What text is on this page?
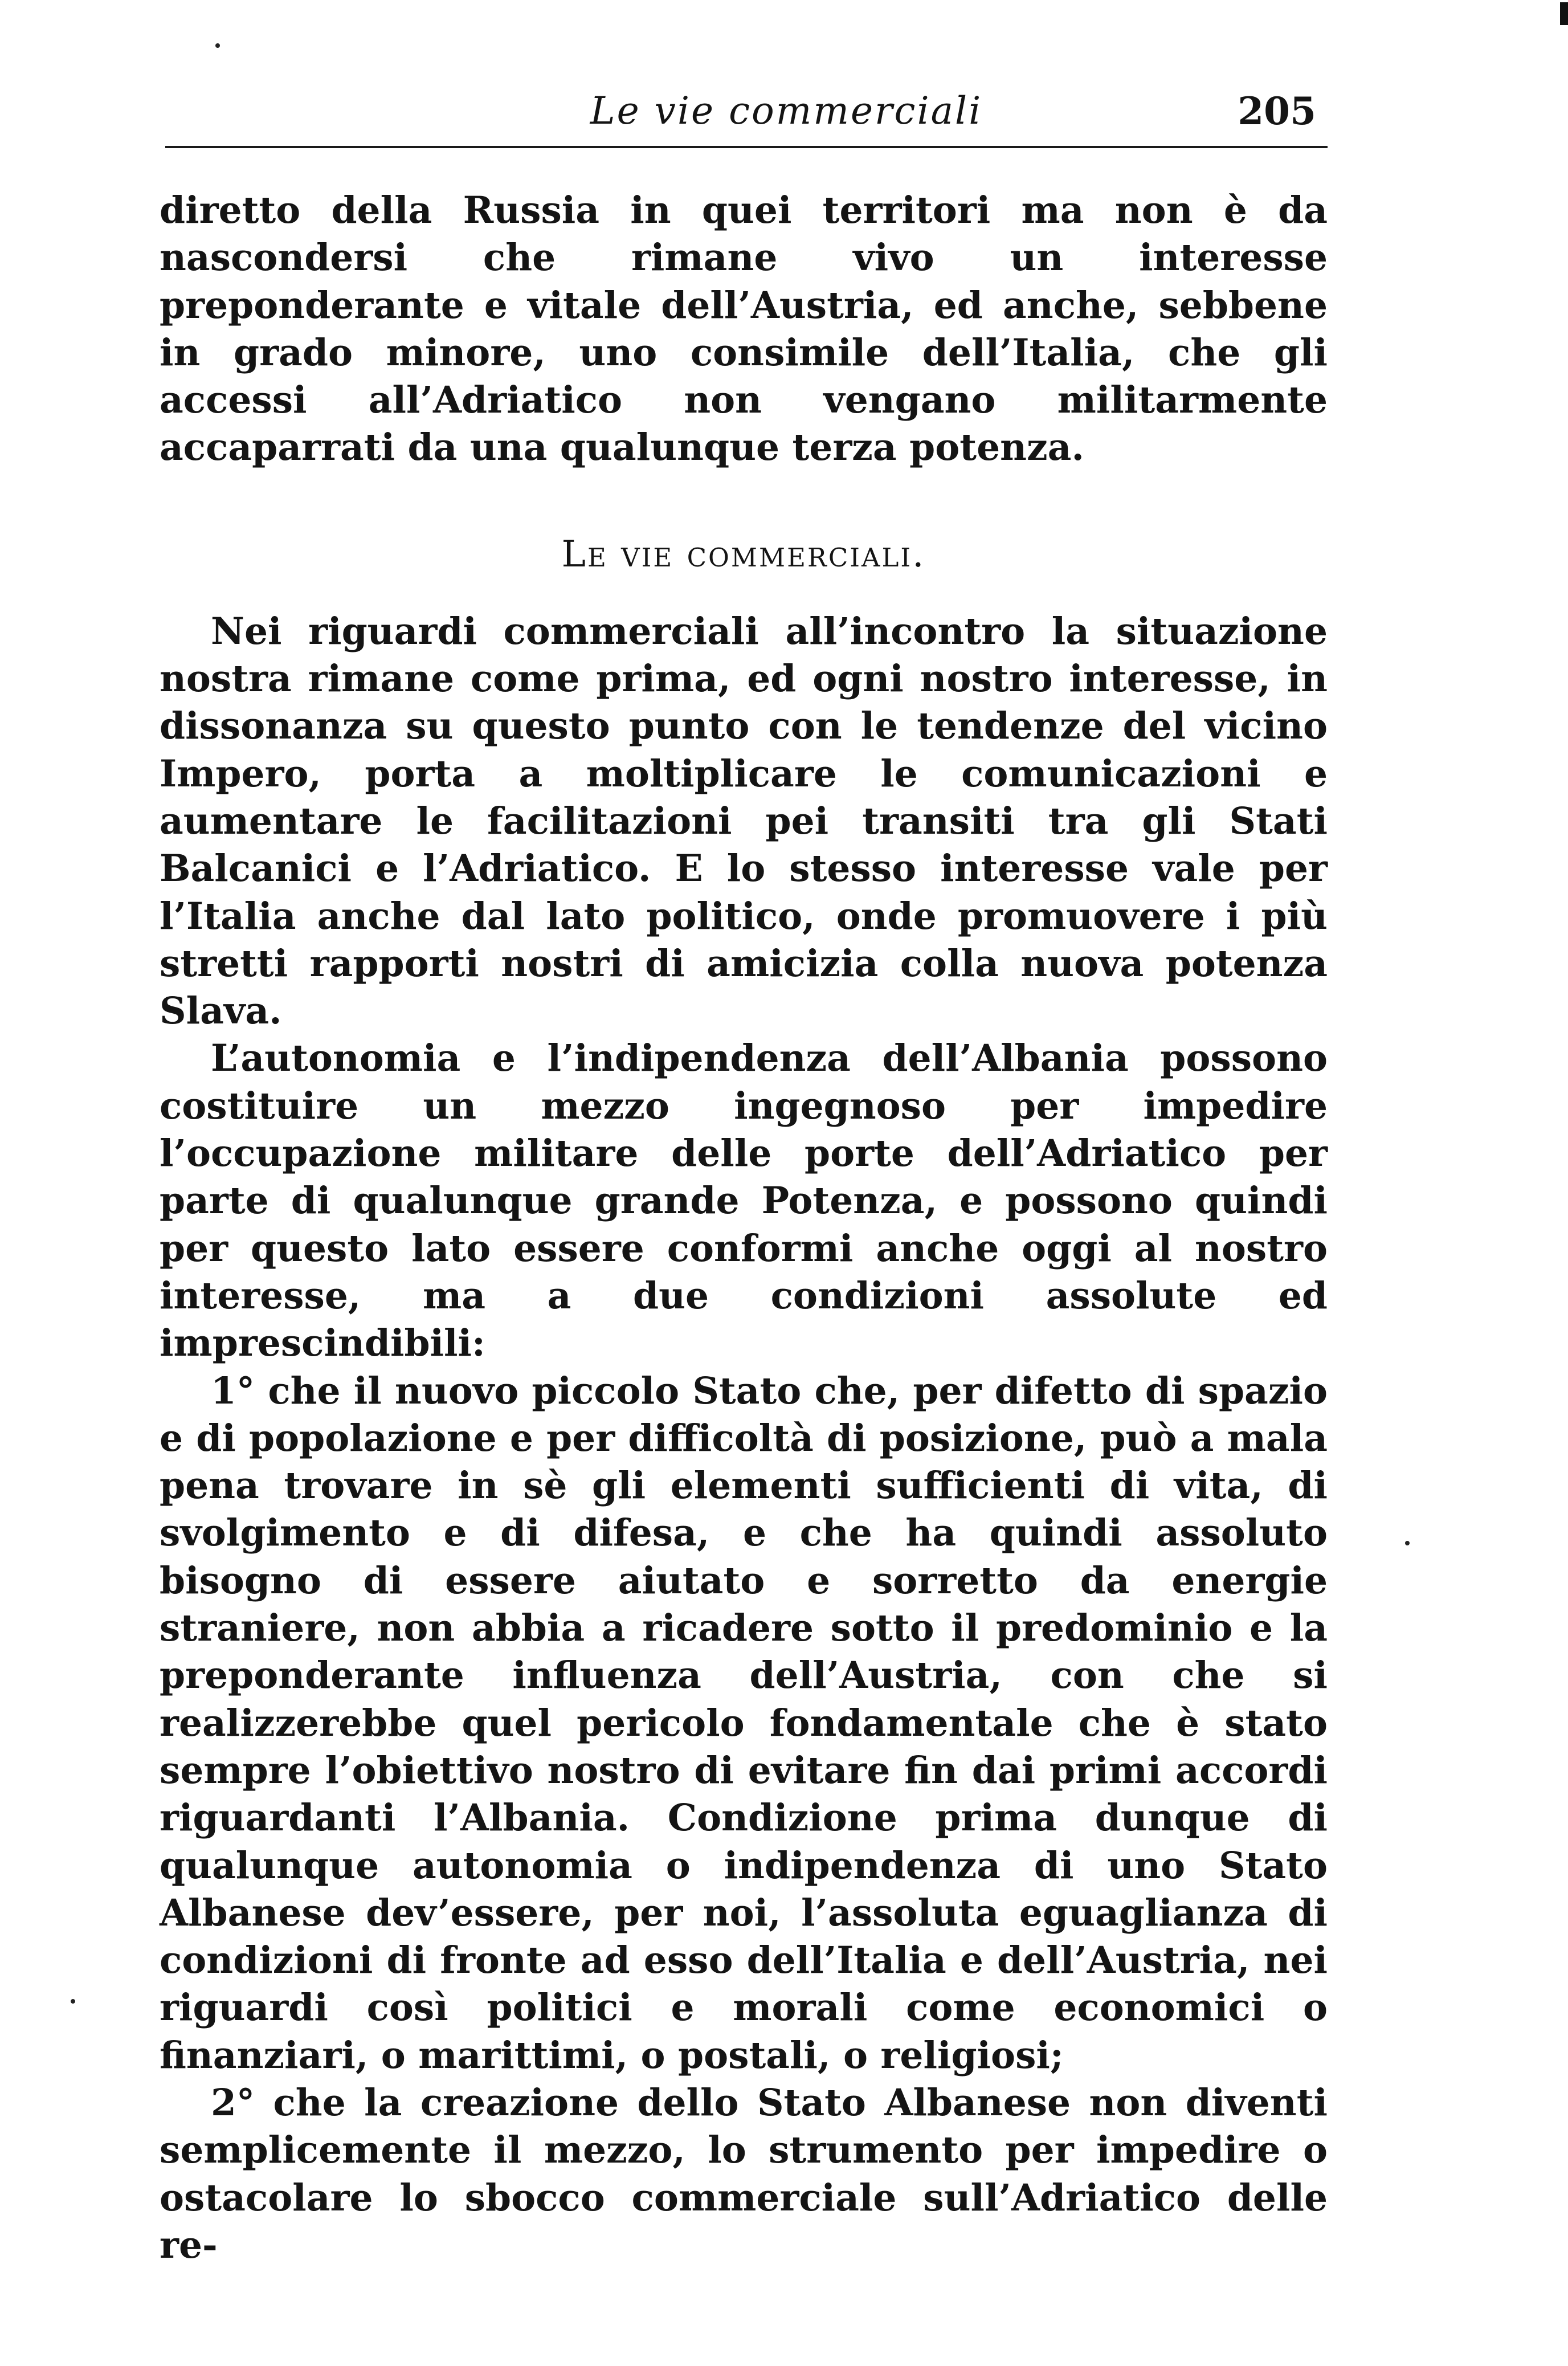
Le vie commerciali	205

diretto della Russia in quei territori ma non è da nascondersi che rimane vivo un interesse preponderante e vitale dell’Austria, ed anche, sebbene in grado minore, uno consimile dell’Italia, che gli accessi all’Adriatico non vengano militarmente accaparrati da una qualunque terza potenza.

Le vie commerciali.

Nei riguardi commerciali all’incontro la situazione nostra rimane come prima, ed ogni nostro interesse, in dissonanza su questo punto con le tendenze del vicino Impero, porta a moltiplicare le comunicazioni e aumentare le facilitazioni pei transiti tra gli Stati Balcanici e l’Adriatico. E lo stesso interesse vale per l’Italia anche dal lato politico, onde promuovere i più stretti rapporti nostri di amicizia colla nuova potenza Slava.

L’autonomia e l’indipendenza dell’Albania possono costituire un mezzo ingegnoso per impedire l’occupazione militare delle porte dell’Adriatico per parte di qualunque grande Potenza, e possono quindi per questo lato essere conformi anche oggi al nostro interesse, ma a due condizioni assolute ed imprescindibili:

1° che il nuovo piccolo Stato che, per difetto di spazio e di popolazione e per difficoltà di posizione, può a mala pena trovare in sè gli elementi sufficienti di vita, di svolgimento e di difesa, e che ha quindi assoluto bisogno di essere aiutato e sorretto da energie straniere, non abbia a ricadere sotto il predominio e la preponderante influenza dell’Austria, con che si realizzerebbe quel pericolo fondamentale che è stato sempre l’obiettivo nostro di evitare fin dai primi accordi riguardanti l’Albania. Condizione prima dunque di qualunque autonomia o indipendenza di uno Stato Albanese dev’essere, per noi, l’assoluta eguaglianza di condizioni di fronte ad esso dell’Italia e dell’Austria, nei riguardi così politici e morali come economici o finanziari, o marittimi, o postali, o religiosi;

2° che la creazione dello Stato Albanese non diventi semplicemente il mezzo, lo strumento per impedire o ostacolare lo sbocco commerciale sull’Adriatico delle re-
